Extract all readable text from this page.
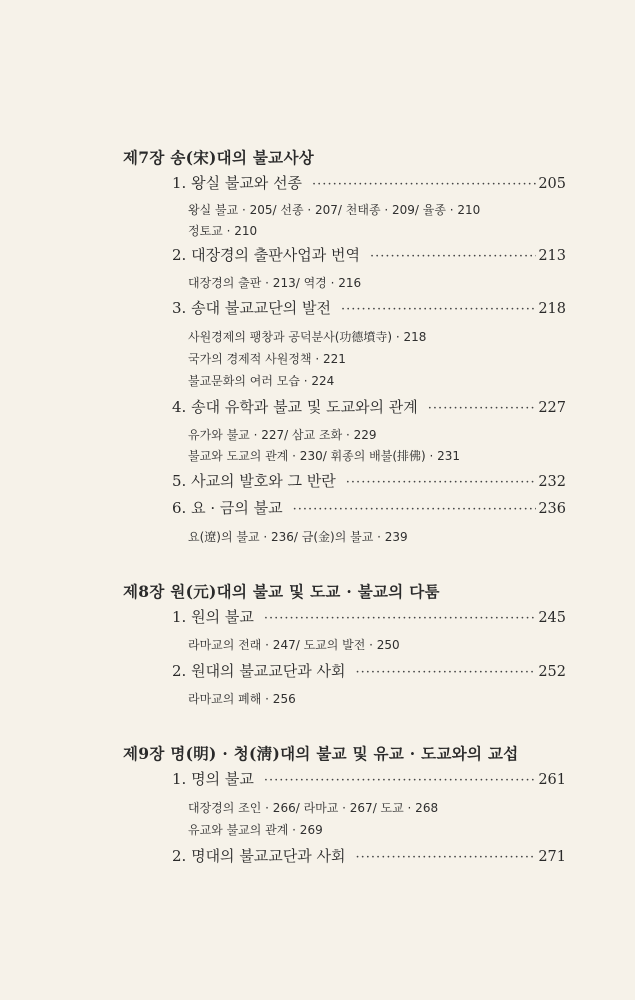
제7장 송(宋)대의 불교사상
1. 왕실 불교와 선종 ·····	205
왕실 불교 · 205/ 선종 · 207/ 천태종 · 209/ 율종 · 210
정토교 · 210
2. 대장경의 출판사업과 번역 ·····	213
대장경의 출판 · 213/ 역경 · 216
3. 송대 불교교단의 발전 ·····	218
사원경제의 팽창과 공덕분사(功德墳寺) · 218
국가의 경제적 사원정책 · 221
불교문화의 여러 모습 · 224
4. 송대 유학과 불교 및 도교와의 관계 ·····	227
유가와 불교 · 227/ 삼교 조화 · 229
불교와 도교의 관계 · 230/ 휘종의 배불(排佛) · 231
5. 사교의 발호와 그 반란 ·····	232
6. 요 · 금의 불교 ·····	236
요(遼)의 불교 · 236/ 금(金)의 불교 · 239
제8장 원(元)대의 불교 및 도교 · 불교의 다툼
1. 원의 불교 ·····	245
라마교의 전래 · 247/ 도교의 발전 · 250
2. 원대의 불교교단과 사회 ·····	252
라마교의 폐해 · 256
제9장 명(明) · 청(淸)대의 불교 및 유교 · 도교와의 교섭
1. 명의 불교 ·····	261
대장경의 조인 · 266/ 라마교 · 267/ 도교 · 268
유교와 불교의 관계 · 269
2. 명대의 불교교단과 사회 ·····	271
